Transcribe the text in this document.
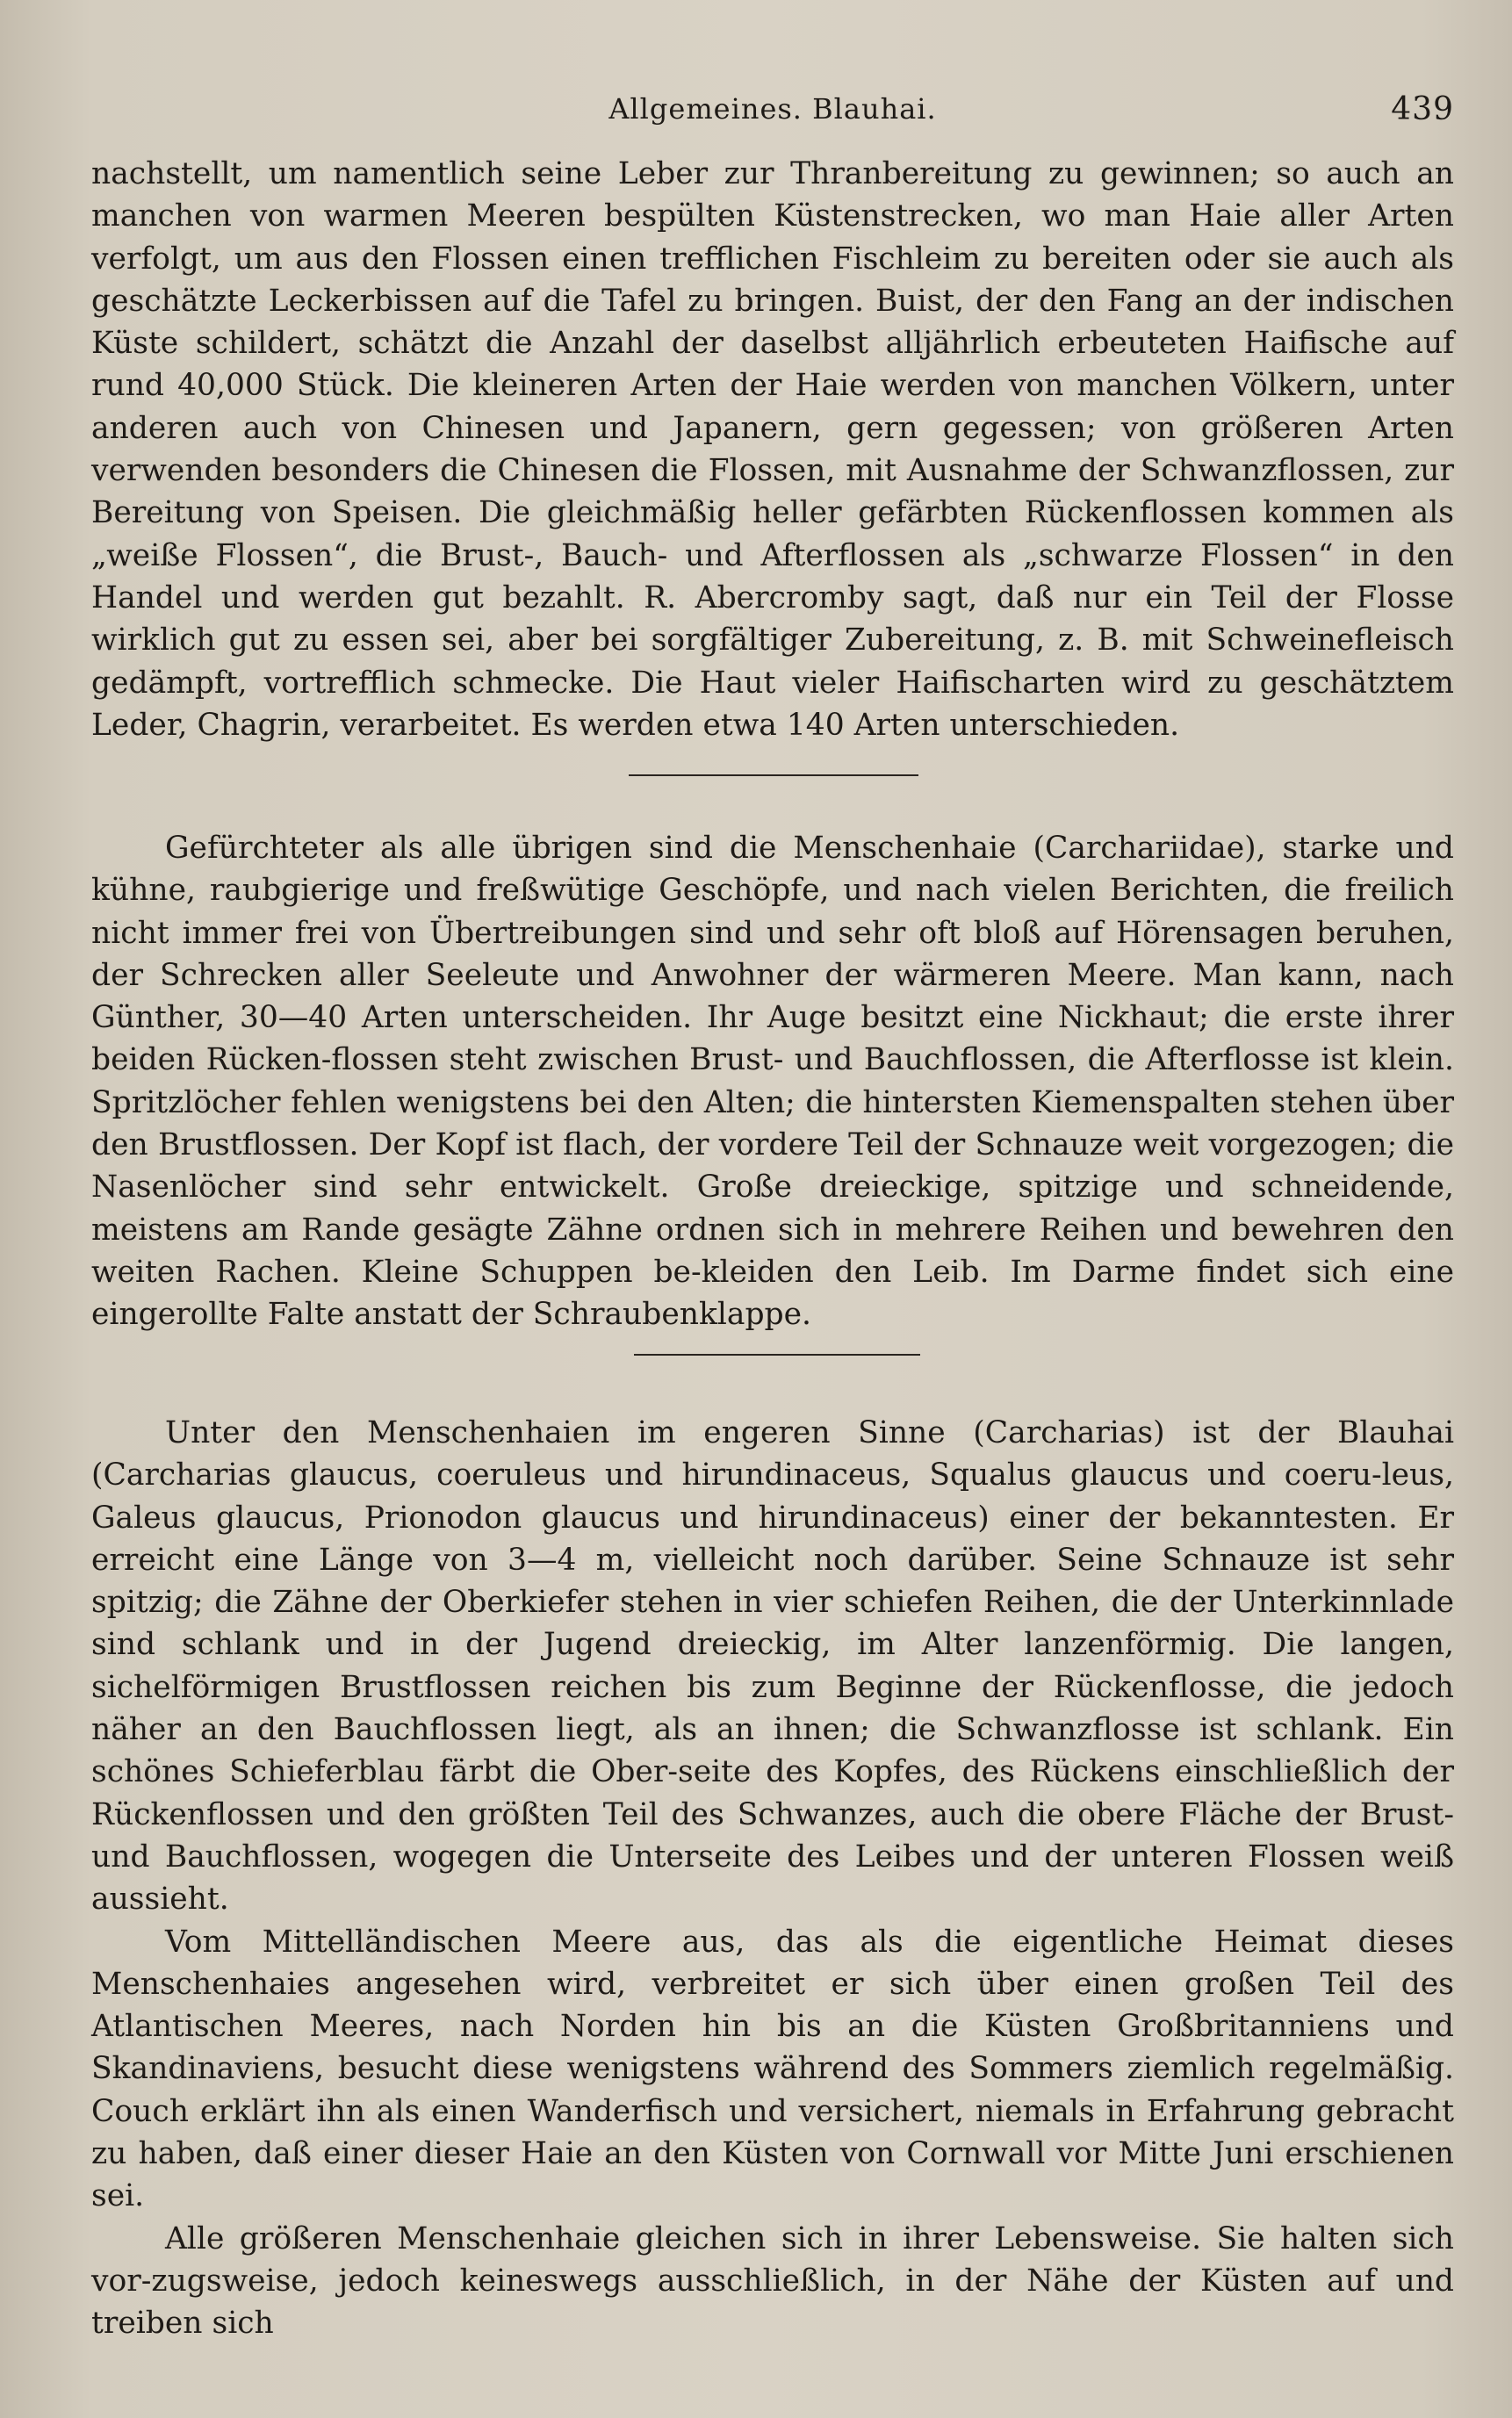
Allgemeines. Blauhai.	439

nachstellt, um namentlich seine Leber zur Thranbereitung zu gewinnen; so auch an manchen von warmen Meeren bespülten Küstenstrecken, wo man Haie aller Arten verfolgt, um aus den Flossen einen trefflichen Fischleim zu bereiten oder sie auch als geschätzte Leckerbissen auf die Tafel zu bringen. Buist, der den Fang an der indischen Küste schildert, schätzt die Anzahl der daselbst alljährlich erbeuteten Haifische auf rund 40,000 Stück. Die kleineren Arten der Haie werden von manchen Völkern, unter anderen auch von Chinesen und Japanern, gern gegessen; von größeren Arten verwenden besonders die Chinesen die Flossen, mit Ausnahme der Schwanzflossen, zur Bereitung von Speisen. Die gleichmäßig heller gefärbten Rückenflossen kommen als „weiße Flossen“, die Brust-, Bauch- und Afterflossen als „schwarze Flossen“ in den Handel und werden gut bezahlt. R. Abercromby sagt, daß nur ein Teil der Flosse wirklich gut zu essen sei, aber bei sorgfältiger Zubereitung, z. B. mit Schweinefleisch gedämpft, vortrefflich schmecke. Die Haut vieler Haifischarten wird zu geschätztem Leder, Chagrin, verarbeitet. Es werden etwa 140 Arten unterschieden.

Gefürchteter als alle übrigen sind die Menschenhaie (Carchariidae), starke und kühne, raubgierige und freßwütige Geschöpfe, und nach vielen Berichten, die freilich nicht immer frei von Übertreibungen sind und sehr oft bloß auf Hörensagen beruhen, der Schrecken aller Seeleute und Anwohner der wärmeren Meere. Man kann, nach Günther, 30—40 Arten unterscheiden. Ihr Auge besitzt eine Nickhaut; die erste ihrer beiden Rücken-flossen steht zwischen Brust- und Bauchflossen, die Afterflosse ist klein. Spritzlöcher fehlen wenigstens bei den Alten; die hintersten Kiemenspalten stehen über den Brustflossen. Der Kopf ist flach, der vordere Teil der Schnauze weit vorgezogen; die Nasenlöcher sind sehr entwickelt. Große dreieckige, spitzige und schneidende, meistens am Rande gesägte Zähne ordnen sich in mehrere Reihen und bewehren den weiten Rachen. Kleine Schuppen be-kleiden den Leib. Im Darme findet sich eine eingerollte Falte anstatt der Schraubenklappe.

Unter den Menschenhaien im engeren Sinne (Carcharias) ist der Blauhai (Carcharias glaucus, coeruleus und hirundinaceus, Squalus glaucus und coeru-leus, Galeus glaucus, Prionodon glaucus und hirundinaceus) einer der bekanntesten. Er erreicht eine Länge von 3—4 m, vielleicht noch darüber. Seine Schnauze ist sehr spitzig; die Zähne der Oberkiefer stehen in vier schiefen Reihen, die der Unterkinnlade sind schlank und in der Jugend dreieckig, im Alter lanzenförmig. Die langen, sichelförmigen Brustflossen reichen bis zum Beginne der Rückenflosse, die jedoch näher an den Bauchflossen liegt, als an ihnen; die Schwanzflosse ist schlank. Ein schönes Schieferblau färbt die Ober-seite des Kopfes, des Rückens einschließlich der Rückenflossen und den größten Teil des Schwanzes, auch die obere Fläche der Brust- und Bauchflossen, wogegen die Unterseite des Leibes und der unteren Flossen weiß aussieht.

Vom Mittelländischen Meere aus, das als die eigentliche Heimat dieses Menschenhaies angesehen wird, verbreitet er sich über einen großen Teil des Atlantischen Meeres, nach Norden hin bis an die Küsten Großbritanniens und Skandinaviens, besucht diese wenigstens während des Sommers ziemlich regelmäßig. Couch erklärt ihn als einen Wanderfisch und versichert, niemals in Erfahrung gebracht zu haben, daß einer dieser Haie an den Küsten von Cornwall vor Mitte Juni erschienen sei.

Alle größeren Menschenhaie gleichen sich in ihrer Lebensweise. Sie halten sich vor-zugsweise, jedoch keineswegs ausschließlich, in der Nähe der Küsten auf und treiben sich
